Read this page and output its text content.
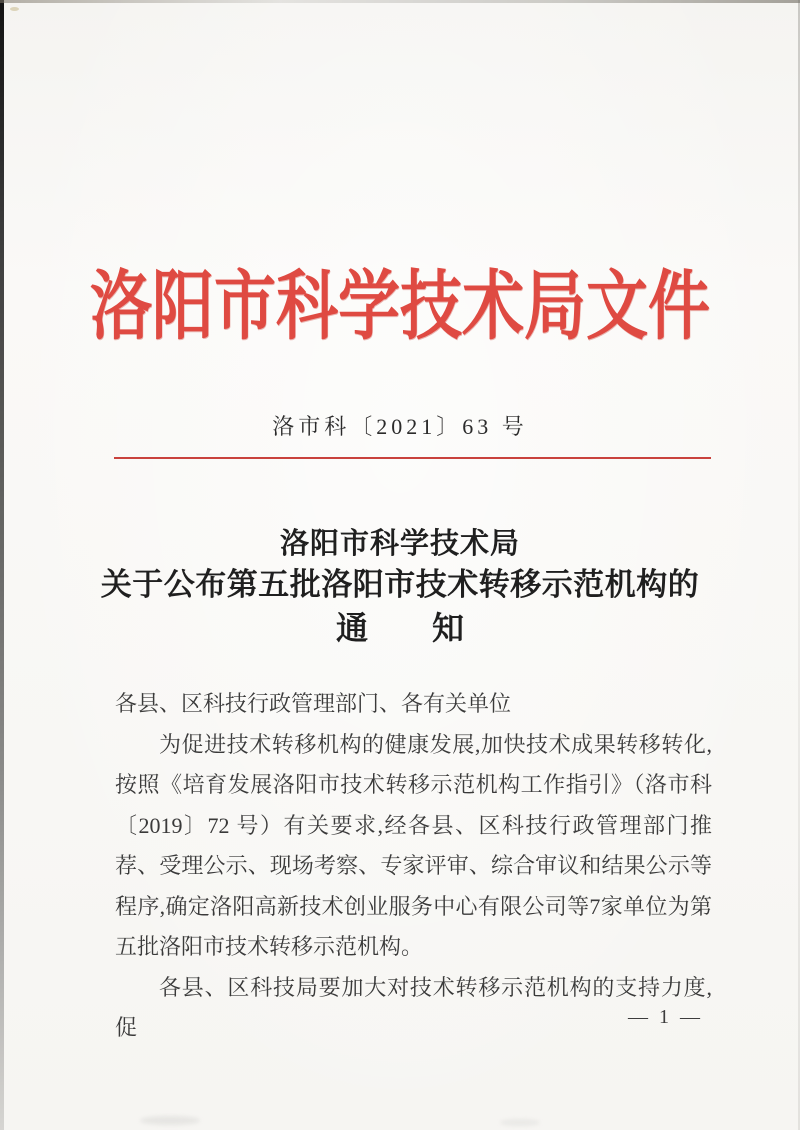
洛阳市科学技术局文件
洛市科〔2021〕63 号
洛阳市科学技术局
关于公布第五批洛阳市技术转移示范机构的
通　　知

各县、区科技行政管理部门、各有关单位

为促进技术转移机构的健康发展,加快技术成果转移转化,按照《培育发展洛阳市技术转移示范机构工作指引》（洛市科〔2019〕72 号）有关要求,经各县、区科技行政管理部门推荐、受理公示、现场考察、专家评审、综合审议和结果公示等程序,确定洛阳高新技术创业服务中心有限公司等7家单位为第五批洛阳市技术转移示范机构。

各县、区科技局要加大对技术转移示范机构的支持力度,促	— 1 —
